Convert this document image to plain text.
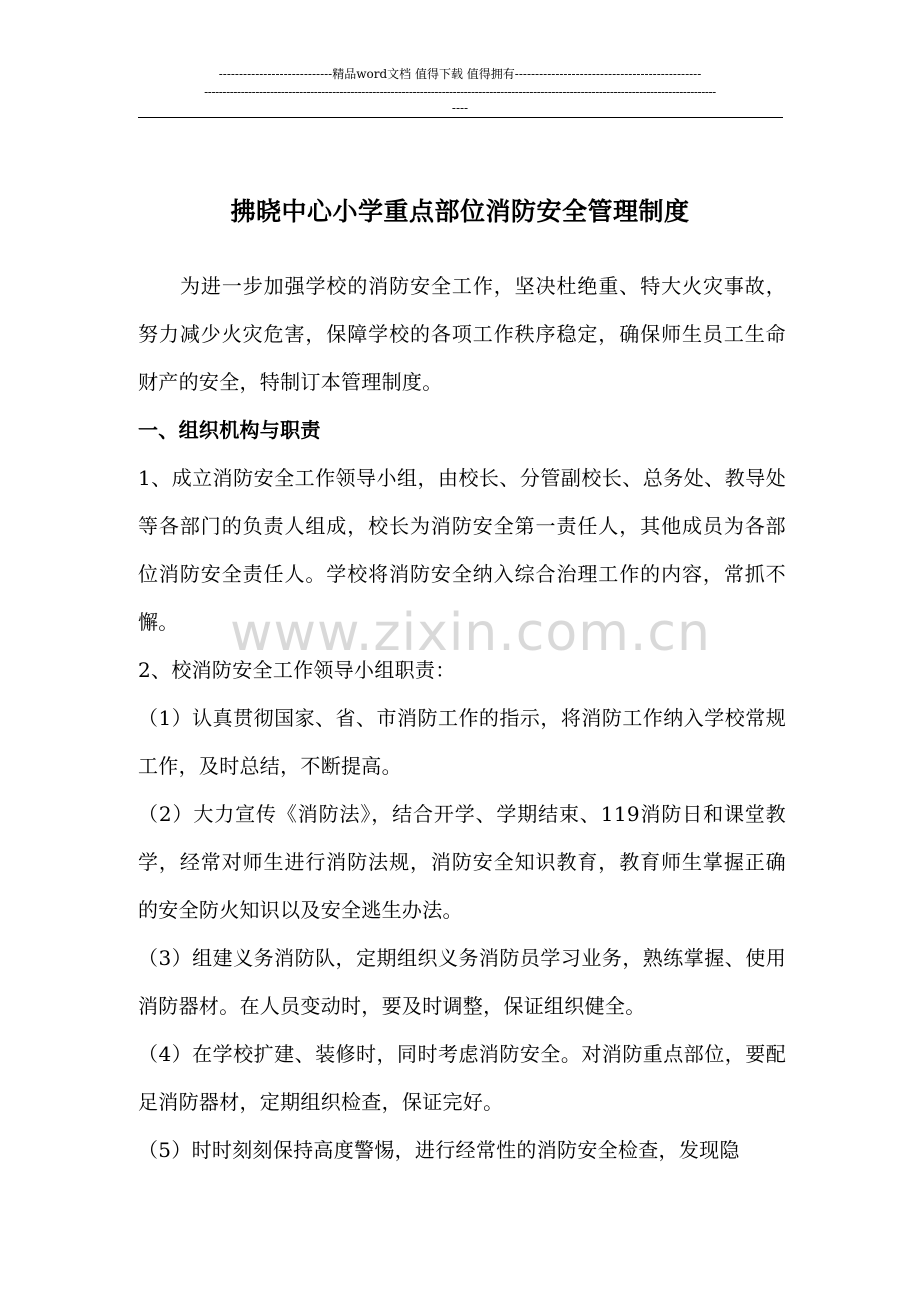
----------------------------精品word文档 值得下载 值得拥有----------------------------------------------
--------------------------------------------------------------------------------------------------------------------------------------------
----
拂晓中心小学重点部位消防安全管理制度

为进一步加强学校的消防安全工作，坚决杜绝重、特大火灾事故，努力减少火灾危害，保障学校的各项工作秩序稳定，确保师生员工生命财产的安全，特制订本管理制度。

一、组织机构与职责

1、成立消防安全工作领导小组，由校长、分管副校长、总务处、教导处等各部门的负责人组成，校长为消防安全第一责任人，其他成员为各部位消防安全责任人。学校将消防安全纳入综合治理工作的内容，常抓不懈。

2、校消防安全工作领导小组职责：

（1）认真贯彻国家、省、市消防工作的指示，将消防工作纳入学校常规工作，及时总结，不断提高。

（2）大力宣传《消防法》，结合开学、学期结束、119消防日和课堂教学，经常对师生进行消防法规，消防安全知识教育，教育师生掌握正确的安全防火知识以及安全逃生办法。

（3）组建义务消防队，定期组织义务消防员学习业务，熟练掌握、使用消防器材。在人员变动时，要及时调整，保证组织健全。

（4）在学校扩建、装修时，同时考虑消防安全。对消防重点部位，要配足消防器材，定期组织检查，保证完好。

（5）时时刻刻保持高度警惕，进行经常性的消防安全检查，发现隐

www.zixin.com.cn
